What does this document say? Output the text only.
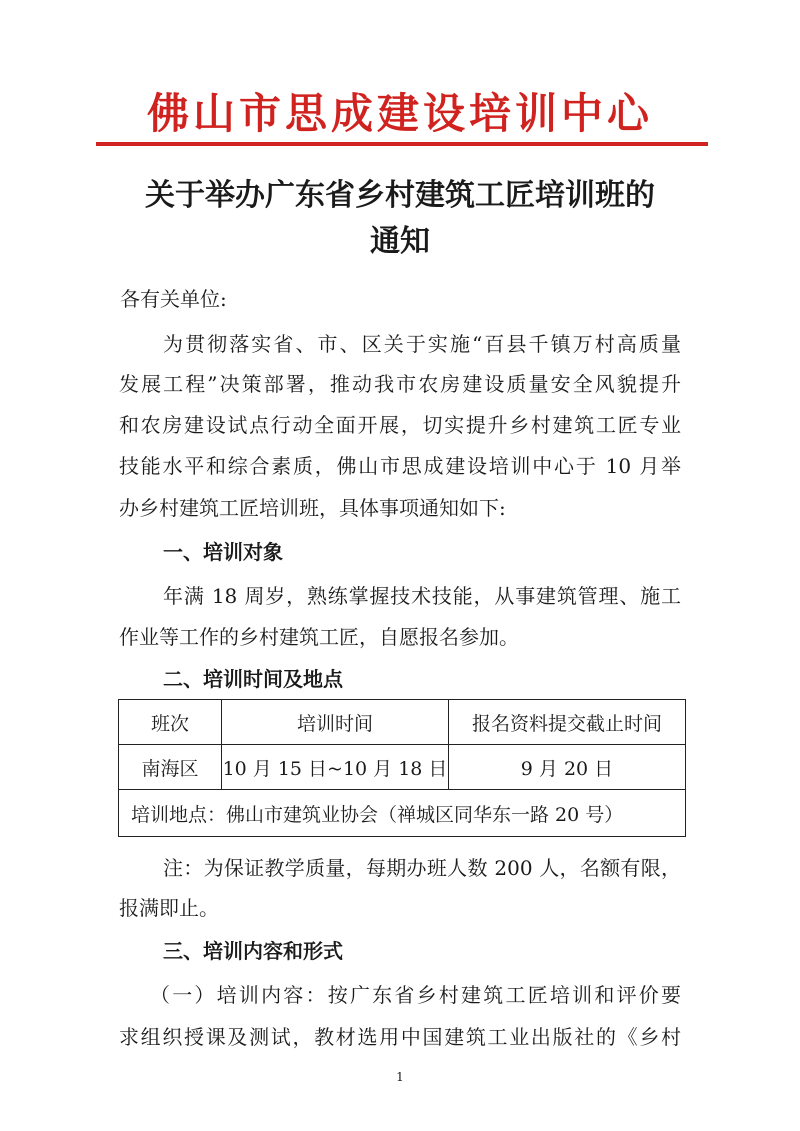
佛山市思成建设培训中心
关于举办广东省乡村建筑工匠培训班的
通知
各有关单位:
为贯彻落实省、市、区关于实施“百县千镇万村高质量
发展工程”决策部署，推动我市农房建设质量安全风貌提升
和农房建设试点行动全面开展，切实提升乡村建筑工匠专业
技能水平和综合素质，佛山市思成建设培训中心于 10 月举
办乡村建筑工匠培训班，具体事项通知如下:
一、培训对象
年满 18 周岁，熟练掌握技术技能，从事建筑管理、施工
作业等工作的乡村建筑工匠，自愿报名参加。
二、培训时间及地点
班次	培训时间	报名资料提交截止时间
南海区	10 月 15 日~10 月 18 日	9 月 20 日
培训地点：佛山市建筑业协会（禅城区同华东一路 20 号）		
注：为保证教学质量，每期办班人数 200 人，名额有限，
报满即止。
三、培训内容和形式
（一）培训内容：按广东省乡村建筑工匠培训和评价要
求组织授课及测试，教材选用中国建筑工业出版社的《乡村
1
